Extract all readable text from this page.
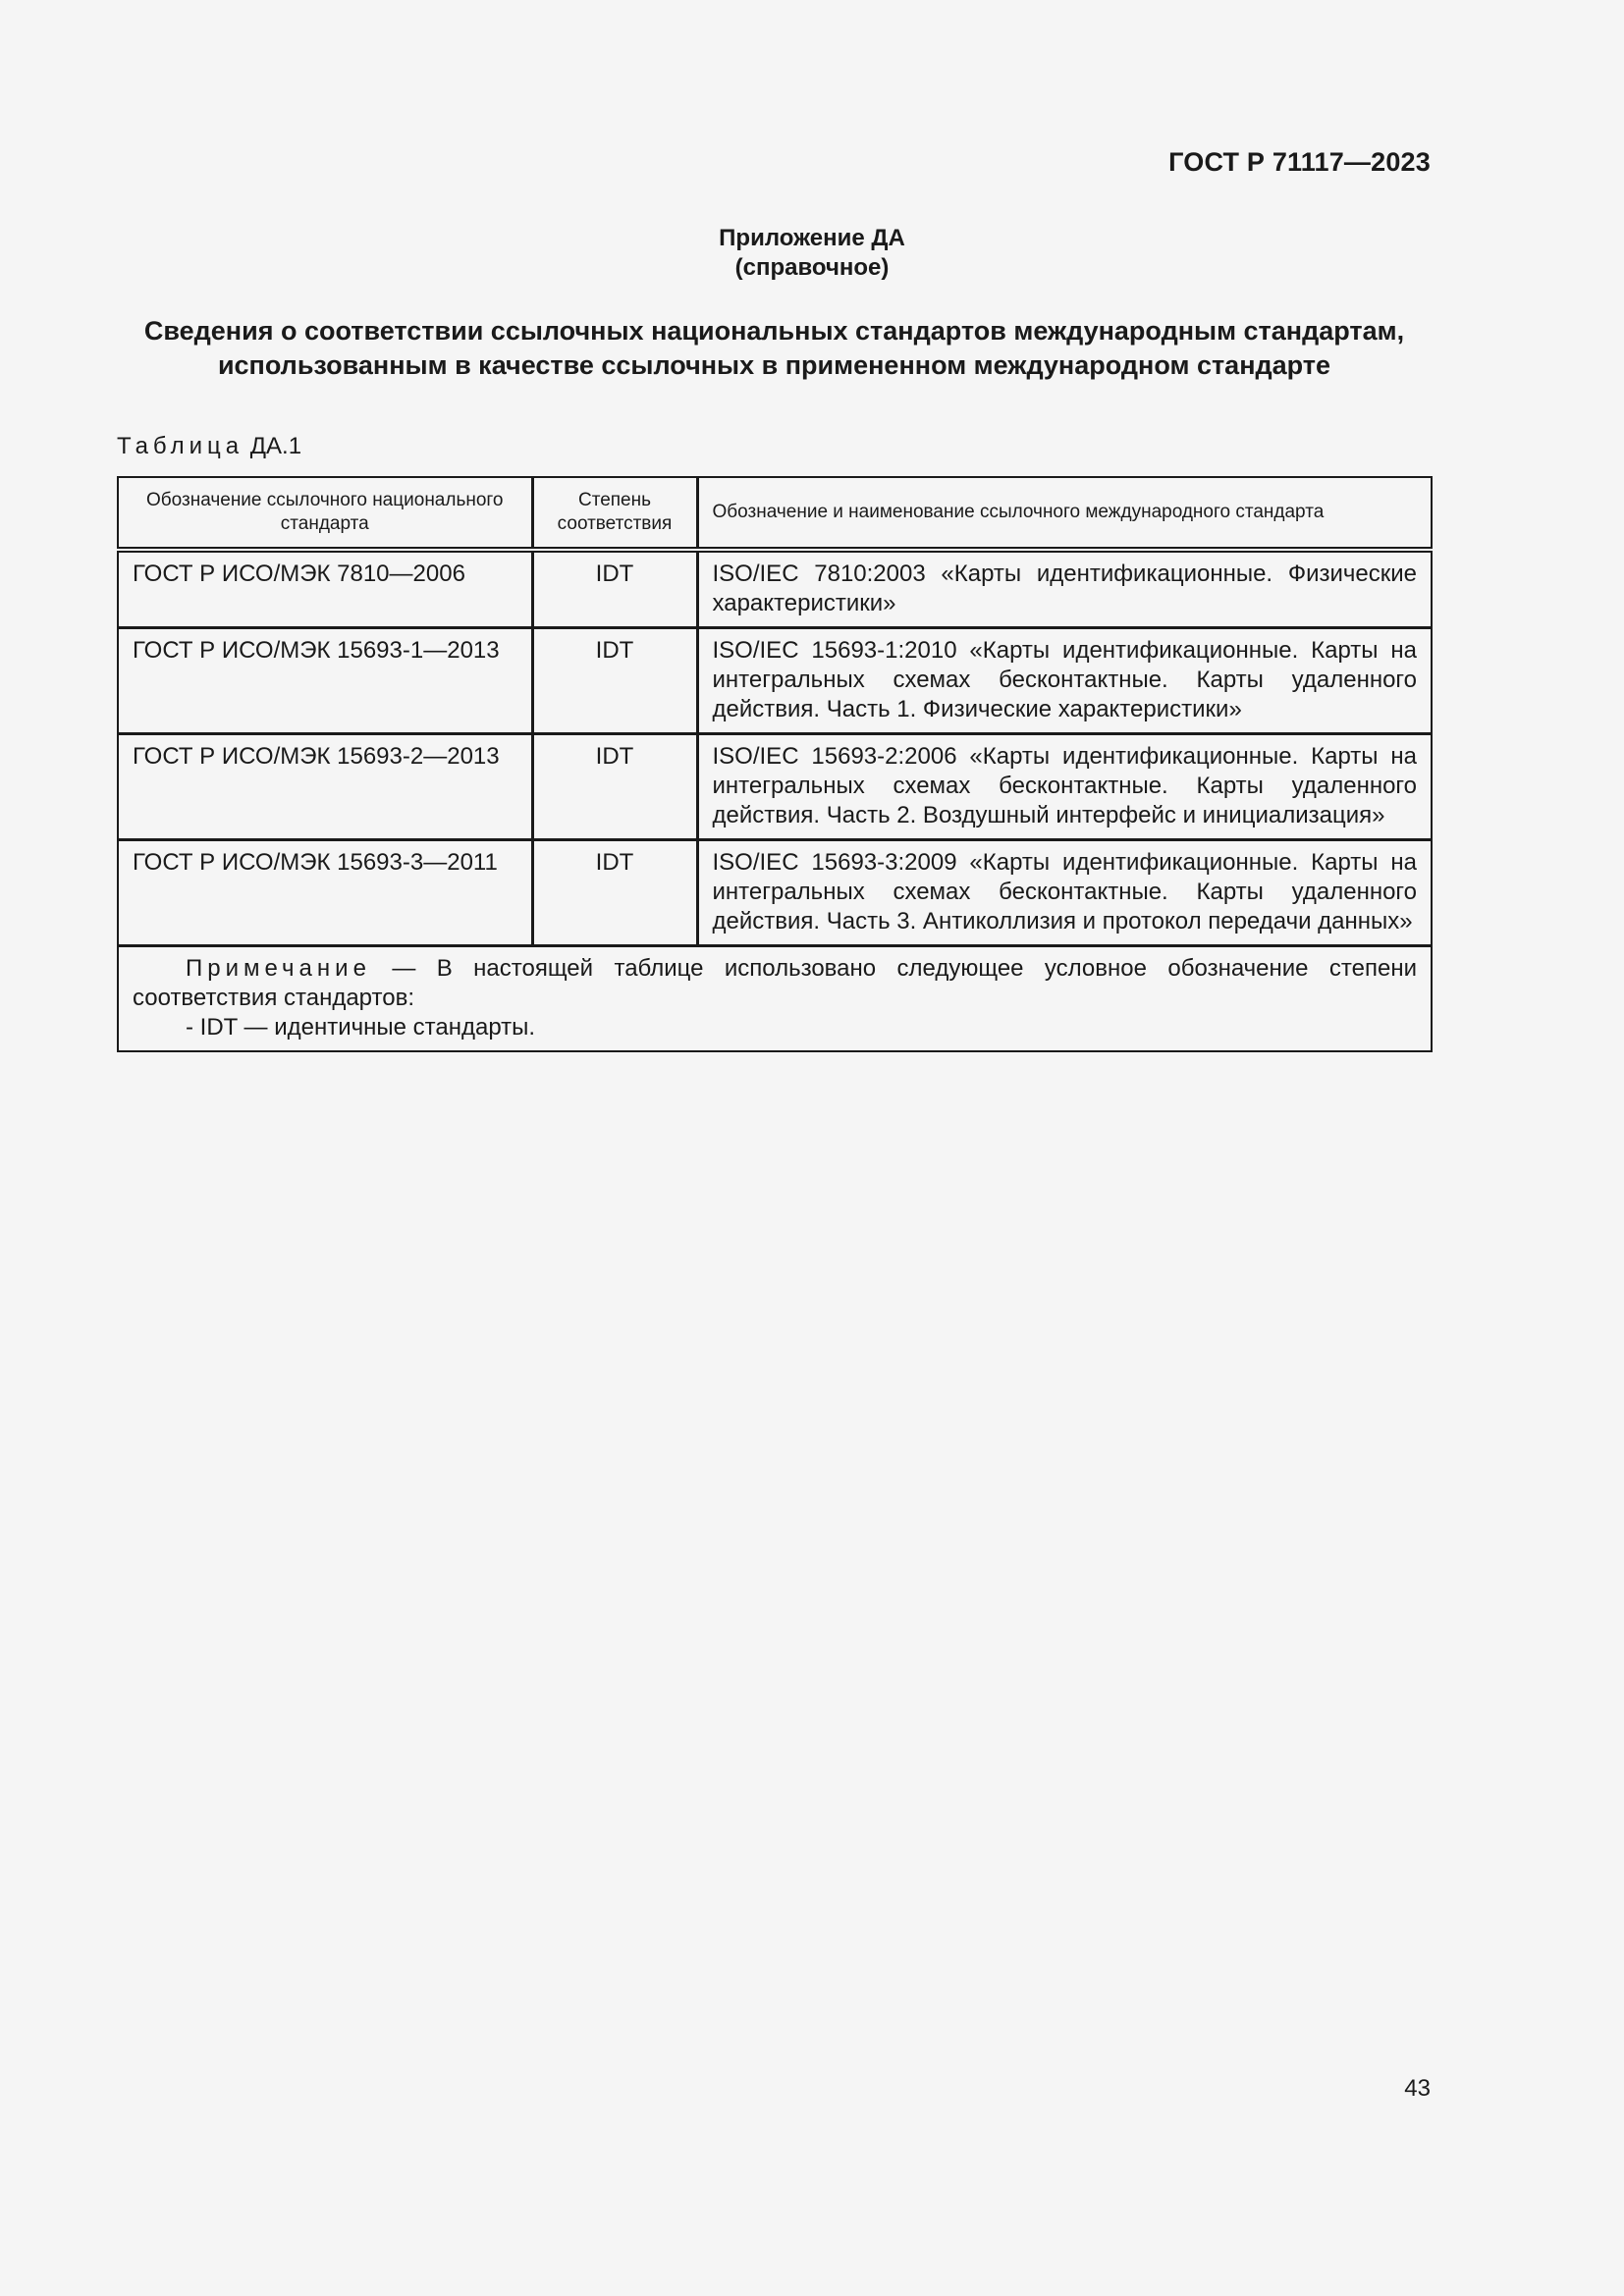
ГОСТ Р 71117—2023
Приложение ДА
(справочное)
Сведения о соответствии ссылочных национальных стандартов международным стандартам,
использованным в качестве ссылочных в примененном международном стандарте
Таблица ДА.1
Обозначение ссылочного национального стандарта	Степень соответствия	Обозначение и наименование ссылочного международного стандарта
ГОСТ Р ИСО/МЭК 7810—2006	IDT	ISO/IEC 7810:2003 «Карты идентификационные. Физические характеристики»
ГОСТ Р ИСО/МЭК 15693-1—2013	IDT	ISO/IEC 15693-1:2010 «Карты идентификационные. Карты на интегральных схемах бесконтактные. Карты удаленного действия. Часть 1. Физические характеристики»
ГОСТ Р ИСО/МЭК 15693-2—2013	IDT	ISO/IEC 15693-2:2006 «Карты идентификационные. Карты на интегральных схемах бесконтактные. Карты удаленного действия. Часть 2. Воздушный интерфейс и инициализация»
ГОСТ Р ИСО/МЭК 15693-3—2011	IDT	ISO/IEC 15693-3:2009 «Карты идентификационные. Карты на интегральных схемах бесконтактные. Карты удаленного действия. Часть 3. Антиколлизия и протокол передачи данных»

Примечание — В настоящей таблице использовано следующее условное обозначение степени соответствия стандартов:
- IDT — идентичные стандарты.		
43
